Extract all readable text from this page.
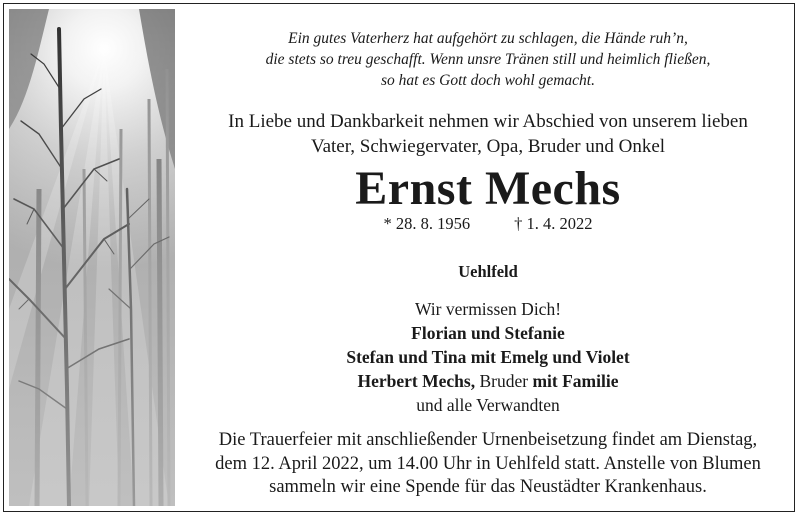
Ein gutes Vaterherz hat aufgehört zu schlagen, die Hände ruh’n,
die stets so treu geschafft. Wenn unsre Tränen still und heimlich fließen,
so hat es Gott doch wohl gemacht.
In Liebe und Dankbarkeit nehmen wir Abschied von unserem lieben
Vater, Schwiegervater, Opa, Bruder und Onkel
Ernst Mechs
* 28. 8. 1956	† 1. 4. 2022
Uehlfeld
Wir vermissen Dich!
Florian und Stefanie
Stefan und Tina mit Emelg und Violet
Herbert Mechs, Bruder mit Familie
und alle Verwandten
Die Trauerfeier mit anschließender Urnenbeisetzung findet am Dienstag,
dem 12. April 2022, um 14.00 Uhr in Uehlfeld statt. Anstelle von Blumen
sammeln wir eine Spende für das Neustädter Krankenhaus.
